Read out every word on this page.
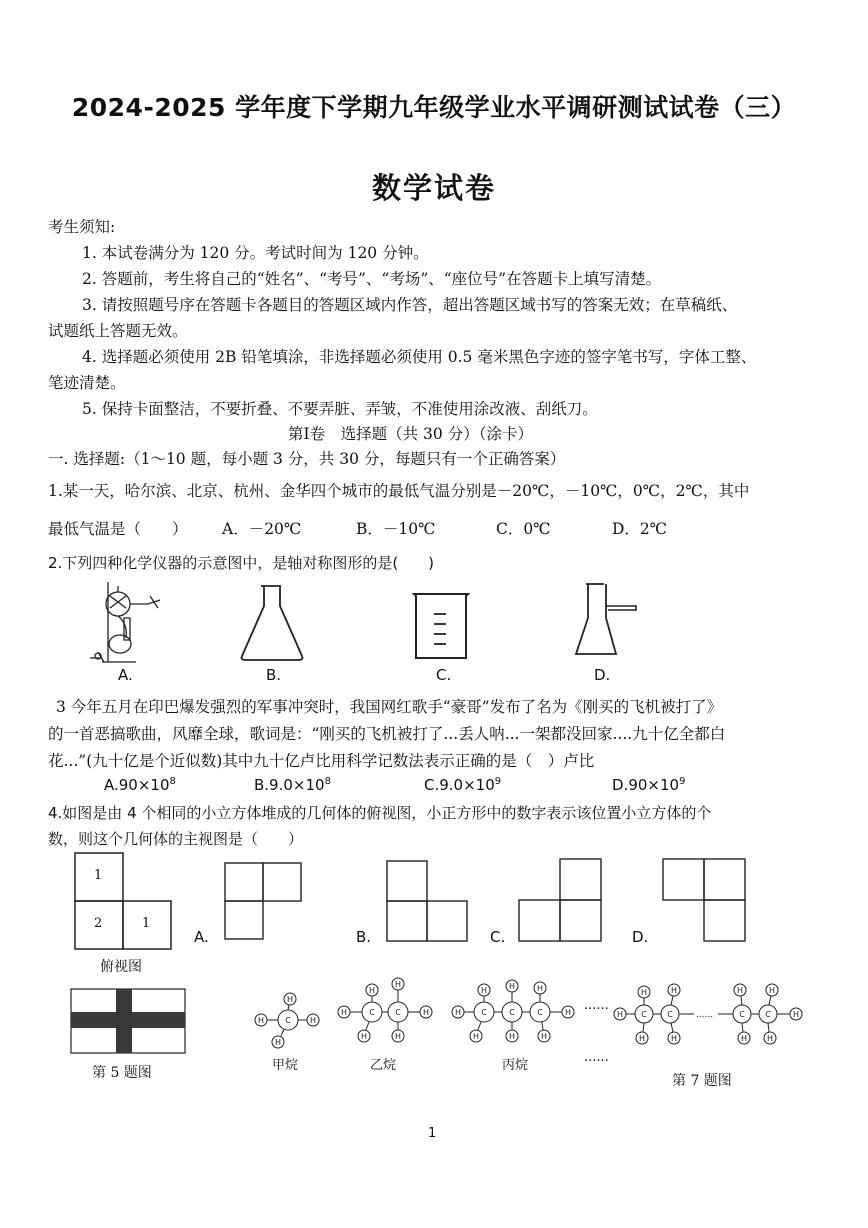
2024-2025 学年度下学期九年级学业水平调研测试试卷（三）
数学试卷
考生须知:
1. 本试卷满分为 120 分。考试时间为 120 分钟。
2. 答题前，考生将自己的“姓名”、“考号”、“考场”、“座位号”在答题卡上填写清楚。
3. 请按照题号序在答题卡各题目的答题区域内作答，超出答题区域书写的答案无效；在草稿纸、
试题纸上答题无效。
4. 选择题必须使用 2B 铅笔填涂，非选择题必须使用 0.5 毫米黑色字迹的签字笔书写，字体工整、
笔迹清楚。
5. 保持卡面整洁，不要折叠、不要弄脏、弄皱，不准使用涂改液、刮纸刀。
第Ⅰ卷　选择题（共 30 分）（涂卡）
一. 选择题:（1～10 题，每小题 3 分，共 30 分，每题只有一个正确答案）
1.某一天，哈尔滨、北京、杭州、金华四个城市的最低气温分别是－20℃，－10℃，0℃，2℃，其中
最低气温是（　　） A．－20℃	B．－10℃	C．0℃	D．2℃
2.下列四种化学仪器的示意图中，是轴对称图形的是(　　)
A.	B.	C.	D.
3 今年五月在印巴爆发强烈的军事冲突时，我国网红歌手“豪哥”发布了名为《刚买的飞机被打了》
的一首恶搞歌曲，风靡全球，歌词是：“刚买的飞机被打了...丢人呐...一架都没回家....九十亿全都白
花...”(九十亿是个近似数)其中九十亿卢比用科学记数法表示正确的是（　）卢比
$A.90\times 10^8$	$B.9.0\times 10^8$	$C.9.0\times 10^9$	$D.90\times 10^9$
4.如图是由 4 个相同的小立方体堆成的几何体的俯视图，小正方形中的数字表示该位置小立方体的个
数，则这个几何体的主视图是（　　）
1
2	1
俯视图
A.	B.	C.	D.
第 5 题图
C
H
H	H
H
甲烷
C	C
H
H
H	H
H	H
乙烷
C	C	C
H	H	H
H	H
H	H	H
丙烷
......
......
C	C	C	C
H	H	H	H
H	H
H	H	H H
......
第 7 题图
1
